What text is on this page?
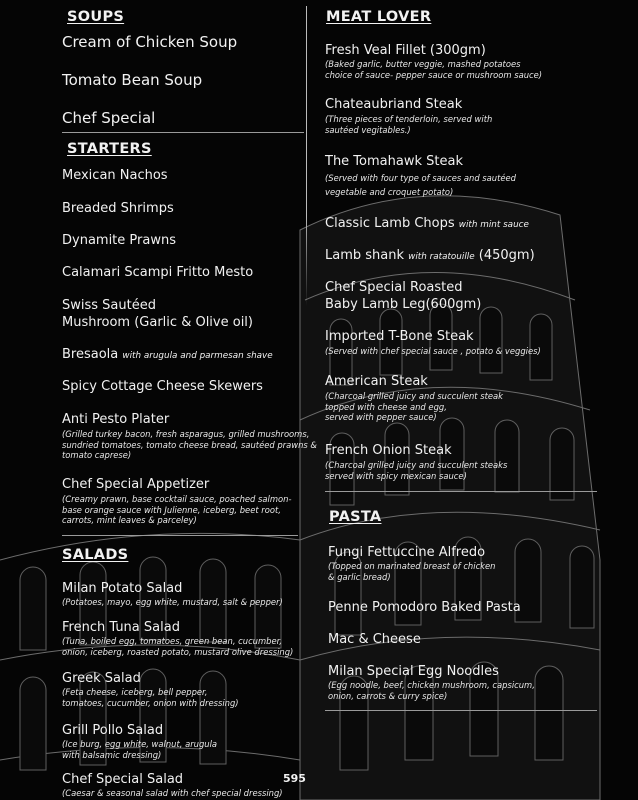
SOUPS
Cream of Chicken Soup
Tomato Bean Soup
Chef Special
STARTERS
Mexican Nachos
Breaded Shrimps
Dynamite Prawns
Calamari Scampi Fritto Mesto
Swiss Sautéed
Mushroom (Garlic & Olive oil)
Bresaola with arugula and parmesan shave
Spicy Cottage Cheese Skewers
Anti Pesto Plater
(Grilled turkey bacon, fresh asparagus, grilled mushrooms,
sundried tomatoes, tomato cheese bread, sautéed prawns &
tomato caprese)
Chef Special Appetizer
(Creamy prawn, base cocktail sauce, poached salmon-
base orange sauce with Julienne, iceberg, beet root,
carrots, mint leaves & parceley)
SALADS
Milan Potato Salad
(Potatoes, mayo, egg white, mustard, salt & pepper)
French Tuna Salad
(Tuna, boiled egg, tomatoes, green bean, cucumber,
onion, iceberg, roasted potato, mustard olive dressing)
Greek Salad
(Feta cheese, iceberg, bell pepper,
tomatoes, cucumber, onion with dressing)
Grill Pollo Salad
(Ice burg, egg white, walnut, arugula
with balsamic dressing)
Chef Special Salad
(Caesar & seasonal salad with chef special dressing)
595
MEAT LOVER
Fresh Veal Fillet (300gm)
(Baked garlic, butter veggie, mashed potatoes
choice of sauce- pepper sauce or mushroom sauce)
Chateaubriand Steak
(Three pieces of tenderloin, served with
sautéed vegitables.)
The Tomahawk Steak
(Served with four type of sauces and sautéed
vegetable and croquet potato)
Classic Lamb Chops with mint sauce
Lamb shank with ratatouille (450gm)
Chef Special Roasted
Baby Lamb Leg(600gm)
Imported T-Bone Steak
(Served with chef special sauce , potato & veggies)
American Steak
(Charcoal grilled juicy and succulent steak
topped with cheese and egg,
served with pepper sauce)
French Onion Steak
(Charcoal grilled juicy and succulent steaks
served with spicy mexican sauce)
PASTA
Fungi Fettuccine Alfredo
(Topped on marinated breast of chicken
& garlic bread)
Penne Pomodoro Baked Pasta
Mac & Cheese
Milan Special Egg Noodles
(Egg noodle, beef, chicken mushroom, capsicum,
onion, carrots & curry spice)
